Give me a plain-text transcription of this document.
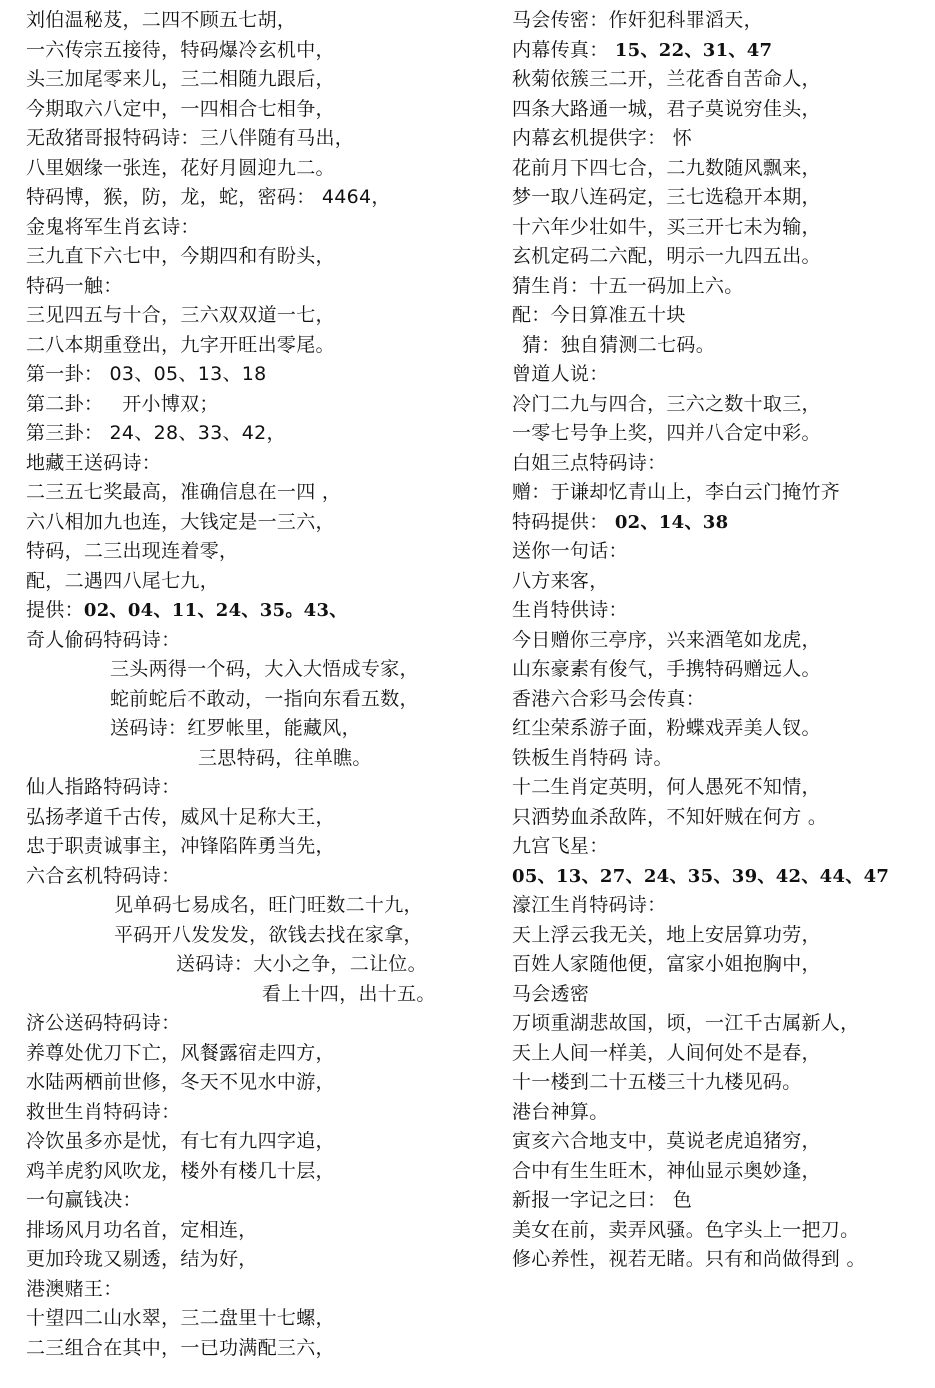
刘伯温秘芨，二四不顾五七胡，
一六传宗五接待，特码爆冷玄机中，
头三加尾零来儿，三二相随九跟后，
今期取六八定中，一四相合七相争，
无敌猪哥报特码诗：三八伴随有马出，
八里姻缘一张连，花好月圆迎九二。
特码博，猴，防，龙，蛇，密码： 4464，
金鬼将军生肖玄诗：
三九直下六七中，今期四和有盼头，
特码一触：
三见四五与十合，三六双双道一七，
二八本期重登出，九字开旺出零尾。
第一卦： 03、05、13、18
第二卦：   开小博双；
第三卦： 24、28、33、42，
地藏王送码诗：
二三五七奖最高，准确信息在一四 ，
六八相加九也连，大钱定是一三六，
特码，二三出现连着零，
配，二遇四八尾七九，
提供：02、04、11、24、35。43、
奇人偷码特码诗：
三头两得一个码，大入大悟成专家，
蛇前蛇后不敢动，一指向东看五数，
送码诗：红罗帐里，能藏风，
三思特码，往单瞧。
仙人指路特码诗：
弘扬孝道千古传，威风十足称大王，
忠于职责诚事主，冲锋陷阵勇当先，
六合玄机特码诗：
见单码七易成名，旺门旺数二十九，
平码开八发发发，欲钱去找在家拿，
送码诗：大小之争，二让位。
看上十四，出十五。
济公送码特码诗：
养尊处优刀下亡，风餐露宿走四方，
水陆两栖前世修，冬天不见水中游，
救世生肖特码诗：
冷饮虽多亦是忧，有七有九四字追，
鸡羊虎豹风吹龙，楼外有楼几十层，
一句赢钱决：
排场风月功名首，定相连，
更加玲珑又剔透，结为好，
港澳赌王：
十望四二山水翠，三二盘里十七螺，
二三组合在其中，一已功满配三六，
马会传密：作奸犯科罪滔天，
内幕传真： 15、22、31、47
秋菊依簇三二开，兰花香自苦命人，
四条大路通一城，君子莫说穷佳头，
内幕玄机提供字： 怀
花前月下四七合，二九数随风飘来，
梦一取八连码定，三七选稳开本期，
十六年少壮如牛，买三开七未为输，
玄机定码二六配，明示一九四五出。
猜生肖：十五一码加上六。
配：今日算准五十块
猜：独自猜测二七码。
曾道人说：
冷门二九与四合，三六之数十取三，
一零七号争上奖，四并八合定中彩。
白姐三点特码诗：
赠：于谦却忆青山上，李白云门掩竹齐
特码提供： 02、14、38
送你一句话：
八方来客，
生肖特供诗：
今日赠你三亭序，兴来酒笔如龙虎，
山东豪素有俊气，手携特码赠远人。
香港六合彩马会传真：
红尘荣系游子面，粉蝶戏弄美人钗。
铁板生肖特码 诗。
十二生肖定英明，何人愚死不知情，
只洒势血杀敌阵，不知奸贼在何方 。
九宫飞星：
05、13、27、24、35、39、42、44、47
濠江生肖特码诗：
天上浮云我无关，地上安居算功劳，
百姓人家随他便，富家小姐抱胸中，
马会透密
万顷重湖悲故国，顷，一江千古属新人，
天上人间一样美，人间何处不是春，
十一楼到二十五楼三十九楼见码。
港台神算。
寅亥六合地支中，莫说老虎追猪穷，
合中有生生旺木，神仙显示奥妙逢，
新报一字记之曰： 色
美女在前，卖弄风骚。色字头上一把刀。
修心养性，视若无睹。只有和尚做得到 。
